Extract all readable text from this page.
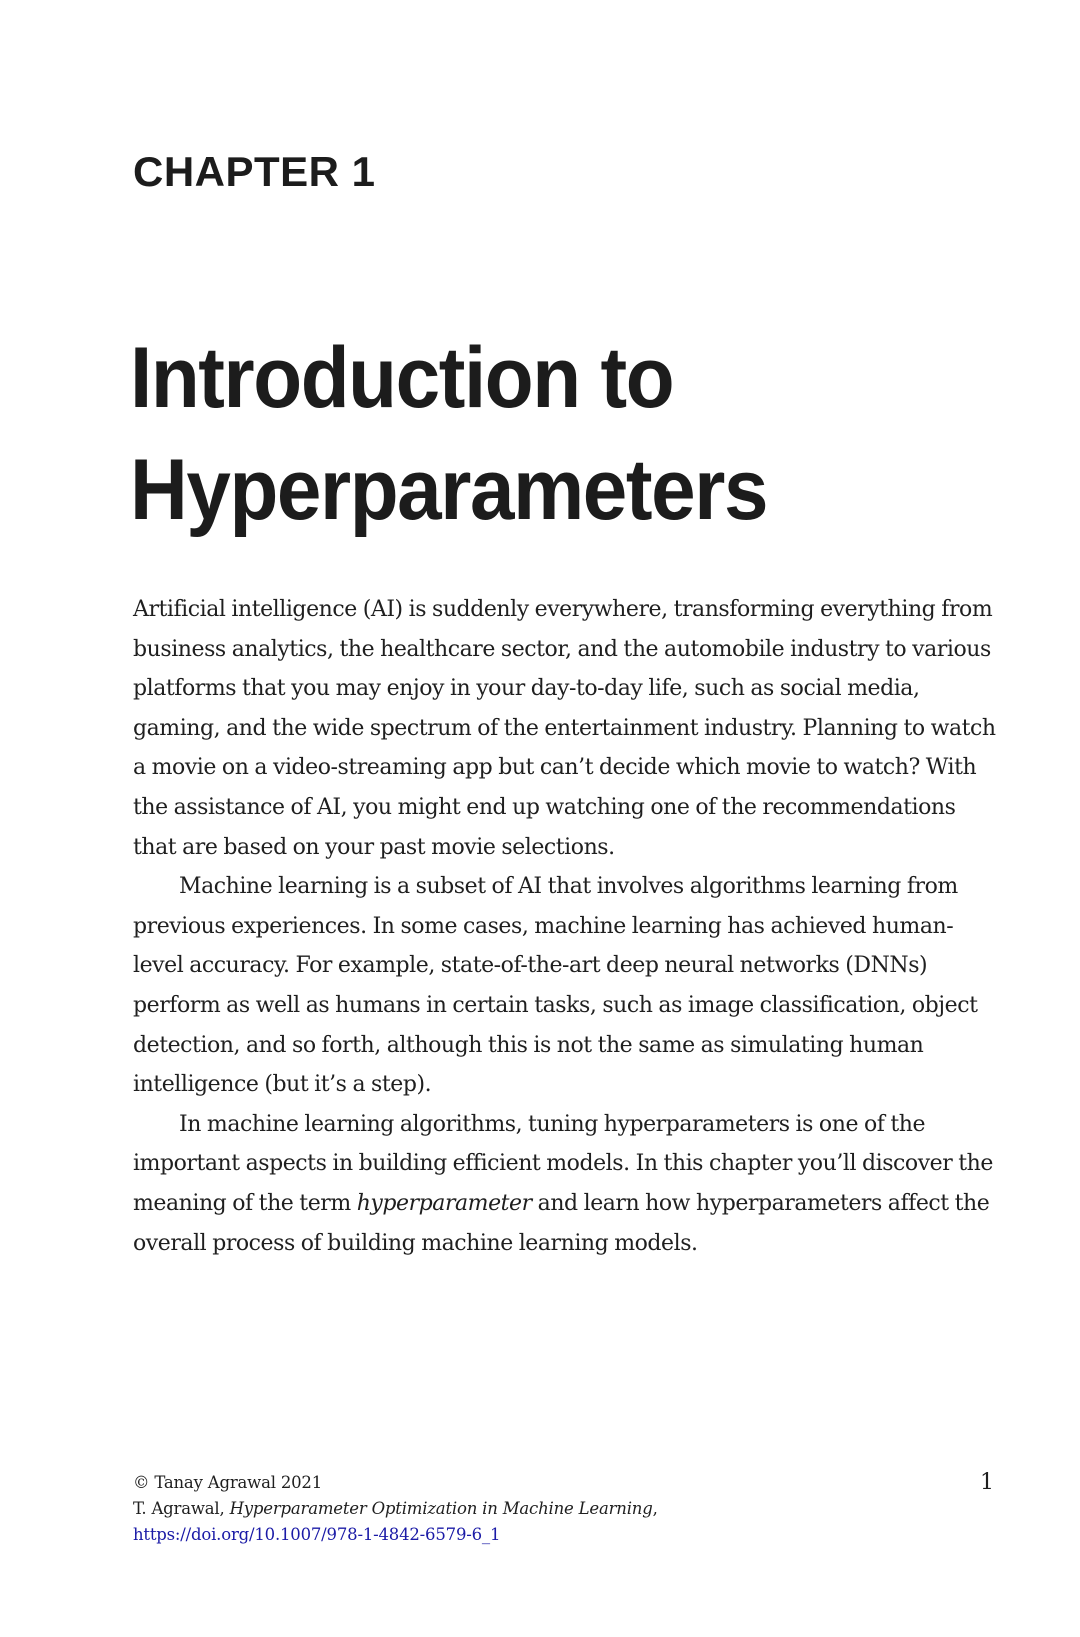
CHAPTER 1
Introduction to
Hyperparameters

Artificial intelligence (AI) is suddenly everywhere, transforming everything from business analytics, the healthcare sector, and the automobile industry to various platforms that you may enjoy in your day-to-day life, such as social media, gaming, and the wide spectrum of the entertainment industry. Planning to watch a movie on a video-streaming app but can’t decide which movie to watch? With the assistance of AI, you might end up watching one of the recommendations that are based on your past movie selections.

Machine learning is a subset of AI that involves algorithms learning from previous experiences. In some cases, machine learning has achieved human-level accuracy. For example, state-of-the-art deep neural networks (DNNs) perform as well as humans in certain tasks, such as image classification, object detection, and so forth, although this is not the same as simulating human intelligence (but it’s a step).

In machine learning algorithms, tuning hyperparameters is one of the important aspects in building efficient models. In this chapter you’ll discover the meaning of the term hyperparameter and learn how hyperparameters affect the overall process of building machine learning models.

© Tanay Agrawal 2021
T. Agrawal, Hyperparameter Optimization in Machine Learning,
https://doi.org/10.1007/978-1-4842-6579-6_1
1
